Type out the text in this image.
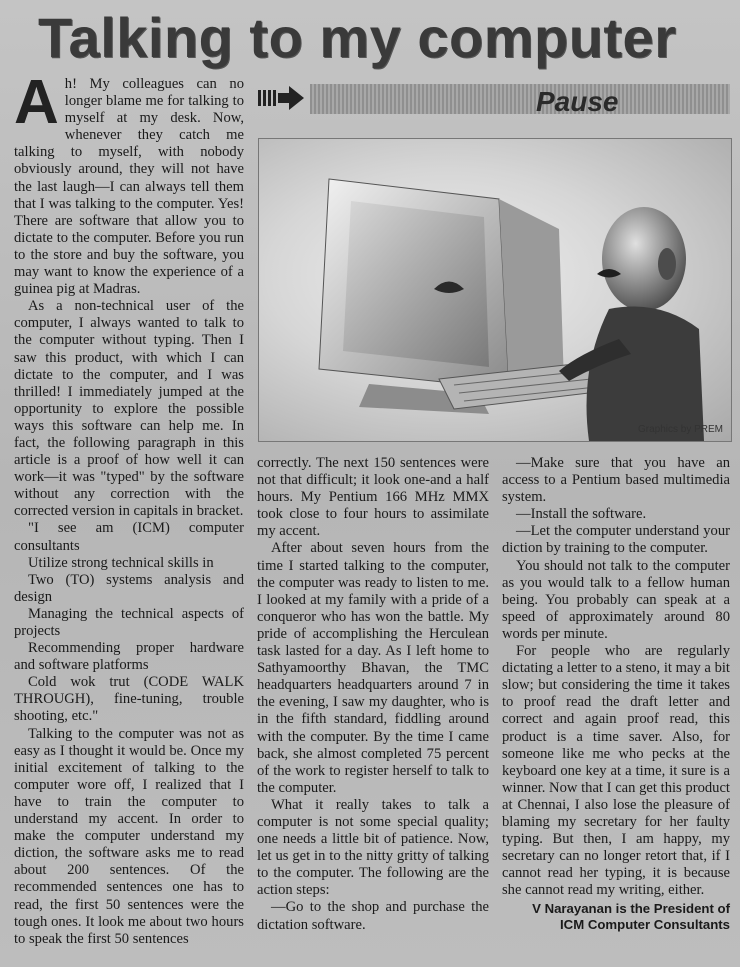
Talking to my computer

Ah! My colleagues can no longer blame me for talking to myself at my desk. Now, whenever they catch me talking to myself, with nobody obviously around, they will not have the last laugh—I can always tell them that I was talking to the computer. Yes! There are software that allow you to dictate to the computer. Before you run to the store and buy the software, you may want to know the experience of a guinea pig at Madras.

As a non-technical user of the computer, I always wanted to talk to the computer without typing. Then I saw this product, with which I can dictate to the computer, and I was thrilled! I immediately jumped at the opportunity to explore the possible ways this software can help me. In fact, the following paragraph in this article is a proof of how well it can work—it was "typed" by the software without any correction with the corrected version in capitals in bracket.

"I see am (ICM) computer consultants

Utilize strong technical skills in

Two (TO) systems analysis and design

Managing the technical aspects of projects

Recommending proper hardware and software platforms

Cold wok trut (CODE WALK THROUGH), fine-tuning, trouble shooting, etc."

Talking to the computer was not as easy as I thought it would be. Once my initial excitement of talking to the computer wore off, I realized that I have to train the computer to understand my accent. In order to make the computer understand my diction, the software asks me to read about 200 sentences. Of the recommended sentences one has to read, the first 50 sentences were the tough ones. It look me about two hours to speak the first 50 sentences

Pause
Graphics by PREM

correctly. The next 150 sentences were not that difficult; it look one-and a half hours. My Pentium 166 MHz MMX took close to four hours to assimilate my accent.

After about seven hours from the time I started talking to the computer, the computer was ready to listen to me. I looked at my family with a pride of a conqueror who has won the battle. My pride of accomplishing the Herculean task lasted for a day. As I left home to Sathyamoorthy Bhavan, the TMC headquarters headquarters around 7 in the evening, I saw my daughter, who is in the fifth standard, fiddling around with the computer. By the time I came back, she almost completed 75 percent of the work to register herself to talk to the computer.

What it really takes to talk a computer is not some special quality; one needs a little bit of patience. Now, let us get in to the nitty gritty of talking to the computer. The following are the action steps:

—Go to the shop and purchase the dictation software.

—Make sure that you have an access to a Pentium based multimedia system.

—Install the software.

—Let the computer understand your diction by training to the computer.

You should not talk to the computer as you would talk to a fellow human being. You probably can speak at a speed of approximately around 80 words per minute.

For people who are regularly dictating a letter to a steno, it may a bit slow; but considering the time it takes to proof read the draft letter and correct and again proof read, this product is a time saver. Also, for someone like me who pecks at the keyboard one key at a time, it sure is a winner. Now that I can get this product at Chennai, I also lose the pleasure of blaming my secretary for her faulty typing. But then, I am happy, my secretary can no longer retort that, if I cannot read her typing, it is because she cannot read my writing, either.

V Narayanan is the President of
ICM Computer Consultants
